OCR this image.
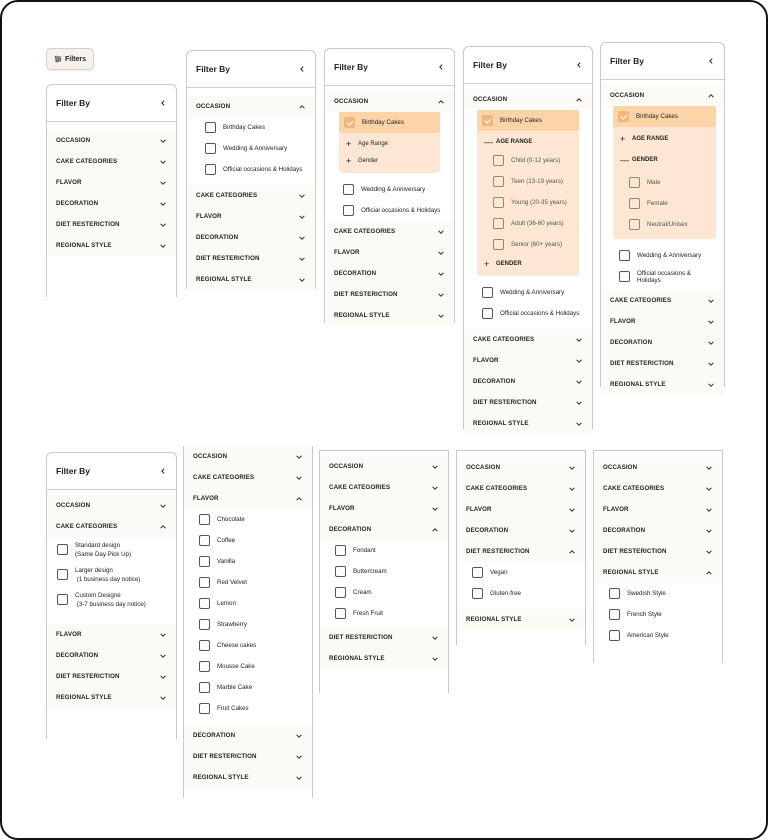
Filters
Filter By
OCCASION
CAKE CATEGORIES
FLAVOR
DECORATION
DIET RESTERICTION
REGIONAL STYLE
Filter By
OCCASION
Birthday Cakes
Wedding & Anniversary
Official occasions & Holidays
CAKE CATEGORIES
FLAVOR
DECORATION
DIET RESTERICTION
REGIONAL STYLE
Filter By
OCCASION
Birthday Cakes
+	Age Range
+	Gender
Wedding & Anniversary
Official occasions & Holidays
CAKE CATEGORIES
FLAVOR
DECORATION
DIET RESTERICTION
REGIONAL STYLE
Filter By
OCCASION
Birthday Cakes
— AGE RANGE
Child (0-12 years)
Teen (13-19 years)
Young (20-35 years)
Adult (36-60 years)
Senior (60+ years)
+	GENDER
Wedding & Anniversary
Official occasions & Holidays
CAKE CATEGORIES
FLAVOR
DECORATION
DIET RESTERICTION
REGIONAL STYLE
Filter By
OCCASION
Birthday Cakes
+	AGE RANGE
— GENDER
Male
Female
Neutral/Unisex
Wedding & Anniversary
Official occasions & Holidays
CAKE CATEGORIES
FLAVOR
DECORATION
DIET RESTERICTION
REGIONAL STYLE
Filter By
OCCASION
CAKE CATEGORIES
Standard design
(Same Day Pick Up)
Larger design
(1 business day notice)
Custom Designe
(3-7 business day notice)
FLAVOR
DECORATION
DIET RESTERICTION
REGIONAL STYLE
OCCASION
CAKE CATEGORIES
FLAVOR
Chocolate
Coffee
Vanilla
Red Velvet
Lemon
Strawberry
Cheese cakes
Mousse Cake
Marble Cake
Fruit Cakes
DECORATION
DIET RESTERICTION
REGIONAL STYLE
OCCASION
CAKE CATEGORIES
FLAVOR
DECORATION
Fondant
Buttercream
Cream
Fresh Fruit
DIET RESTERICTION
REGIONAL STYLE
OCCASION
CAKE CATEGORIES
FLAVOR
DECORATION
DIET RESTERICTION
Vegan
Gluten-free
REGIONAL STYLE
OCCASION
CAKE CATEGORIES
FLAVOR
DECORATION
DIET RESTERICTION
REGIONAL STYLE
Swedish Style
French Style
American Style
